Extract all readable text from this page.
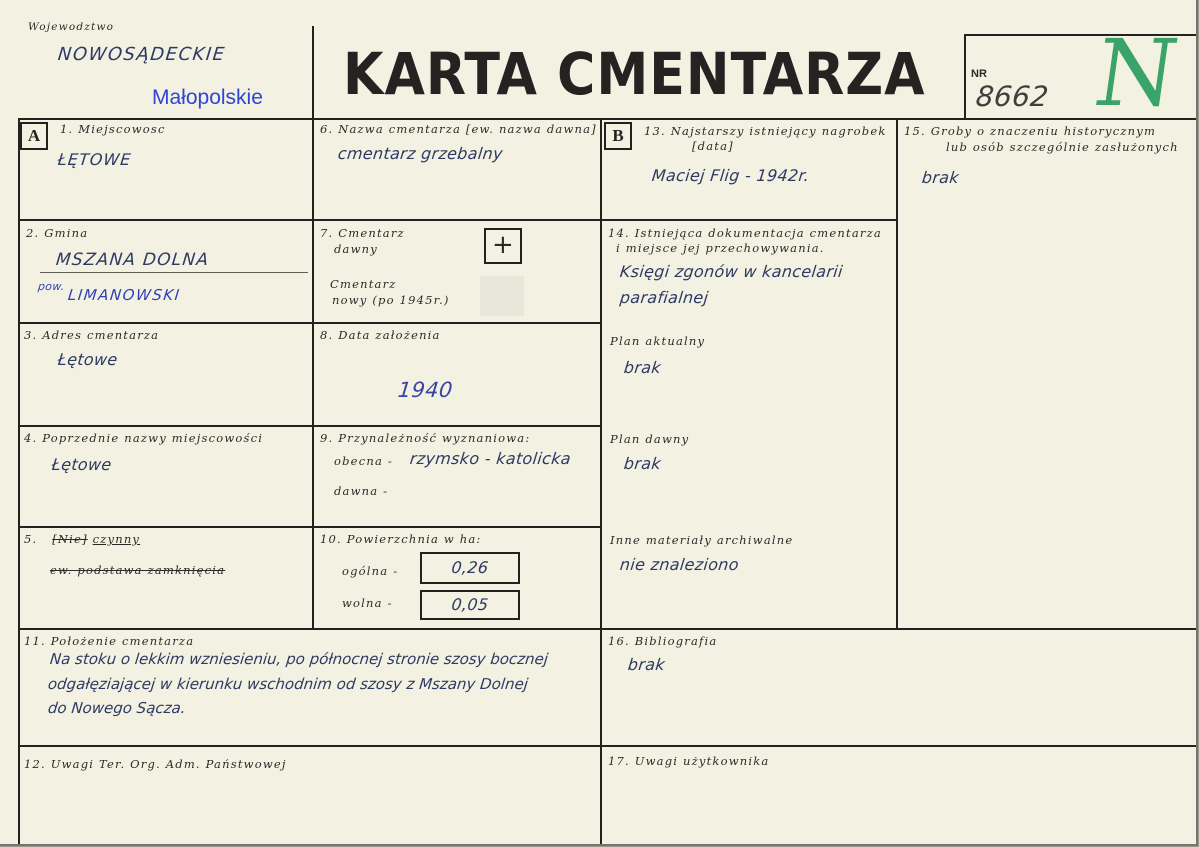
Wojewodztwo
NOWOSĄDECKIE
Małopolskie KARTA CMENTARZA	NR
8662 N
A	B
1. Miejscowosc
ŁĘTOWE
2. Gmina
MSZANA DOLNA
pow. LIMANOWSKI
3. Adres cmentarza
Łętowe
4. Poprzednie nazwy miejscowości
Łętowe
5. [Nie] czynny
ew. podstawa zamknięcia
6. Nazwa cmentarza [ew. nazwa dawna]
cmentarz grzebalny
7. Cmentarz
dawny	+
Cmentarz
nowy (po 1945r.)
8. Data założenia
1940
9. Przynależność wyznaniowa:
obecna - rzymsko - katolicka
dawna -
10. Powierzchnia w ha:
ogólna -	0,26
wolna -	0,05
13. Najstarszy istniejący nagrobek
[data]
Maciej Flig - 1942r.
14. Istniejąca dokumentacja cmentarza
i miejsce jej przechowywania.
Księgi zgonów w kancelarii
parafialnej
Plan aktualny
brak
Plan dawny
brak
Inne materiały archiwalne
nie znaleziono
15. Groby o znaczeniu historycznym
lub osób szczególnie zasłużonych
brak
11. Położenie cmentarza
Na stoku o lekkim wzniesieniu, po północnej stronie szosy bocznej
odgałęziającej w kierunku wschodnim od szosy z Mszany Dolnej
do Nowego Sącza.
16. Bibliografia
brak
12. Uwagi Ter. Org. Adm. Państwowej	17. Uwagi użytkownika
